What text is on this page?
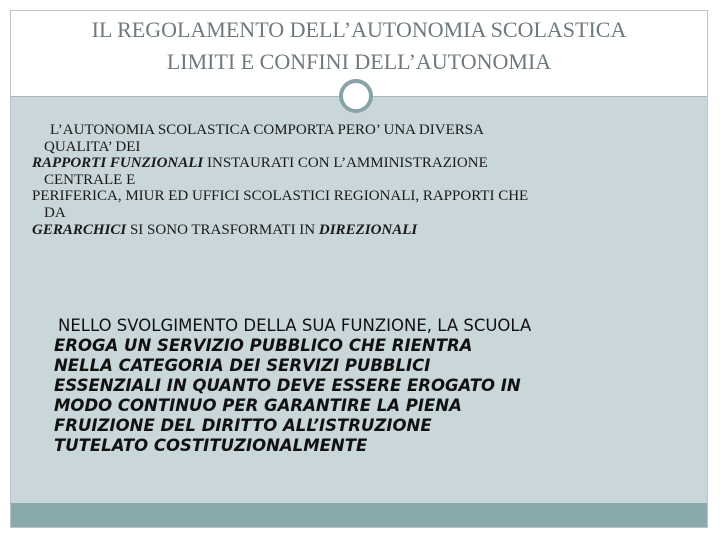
IL REGOLAMENTO DELL’AUTONOMIA SCOLASTICA
LIMITI E CONFINI DELL’AUTONOMIA
L’AUTONOMIA SCOLASTICA COMPORTA PERO’ UNA DIVERSA
QUALITA’ DEI
RAPPORTI FUNZIONALI INSTAURATI CON L’AMMINISTRAZIONE
CENTRALE E
PERIFERICA, MIUR ED UFFICI SCOLASTICI REGIONALI, RAPPORTI CHE
DA
GERARCHICI SI SONO TRASFORMATI IN DIREZIONALI
NELLO SVOLGIMENTO DELLA SUA FUNZIONE, LA SCUOLA
EROGA UN SERVIZIO PUBBLICO CHE RIENTRA
NELLA CATEGORIA DEI SERVIZI PUBBLICI
ESSENZIALI IN QUANTO DEVE ESSERE EROGATO IN
MODO CONTINUO PER GARANTIRE LA PIENA
FRUIZIONE DEL DIRITTO ALL’ISTRUZIONE
TUTELATO COSTITUZIONALMENTE
